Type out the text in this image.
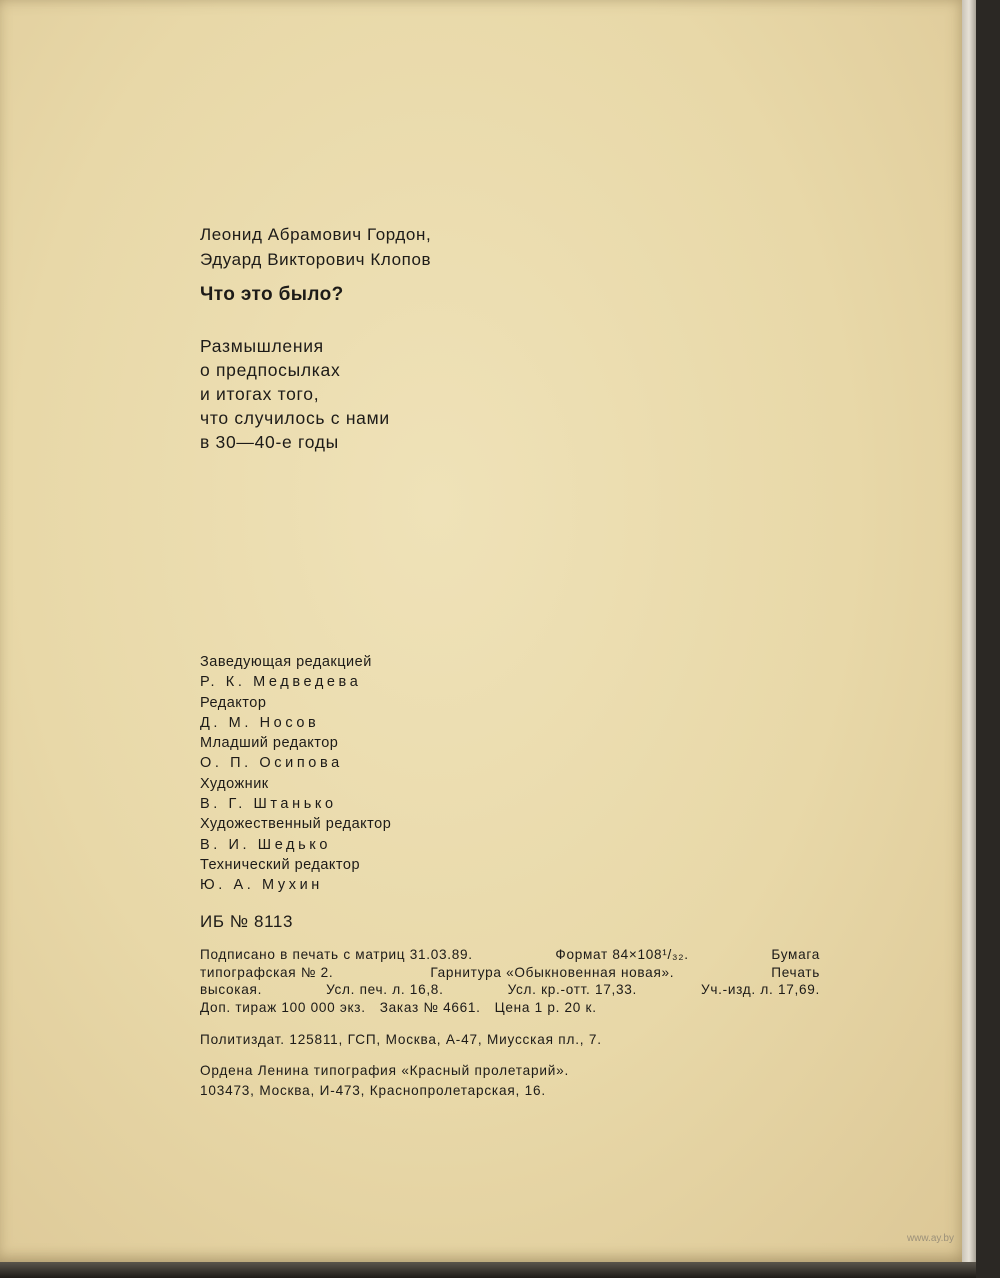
Леонид Абрамович Гордон,
Эдуард Викторович Клопов
Что это было?
Размышления
о предпосылках
и итогах того,
что случилось с нами
в 30—40-е годы
Заведующая редакцией
Р. К. Медведева
Редактор
Д. М. Носов
Младший редактор
О. П. Осипова
Художник
В. Г. Штанько
Художественный редактор
В. И. Шедько
Технический редактор
Ю. А. Мухин
ИБ № 8113
Подписано в печать с матриц 31.03.89.	Формат 84×108¹/₃₂.	Бумага
типографская № 2.	Гарнитура «Обыкновенная новая».	Печать
высокая.	Усл. печ. л. 16,8.	Усл. кр.-отт. 17,33.	Уч.-изд. л. 17,69.
Доп. тираж 100 000 экз. Заказ № 4661. Цена 1 р. 20 к.
Политиздат. 125811, ГСП, Москва, А-47, Миусская пл., 7.
Ордена Ленина типография «Красный пролетарий».
103473, Москва, И-473, Краснопролетарская, 16.
www.ay.by
